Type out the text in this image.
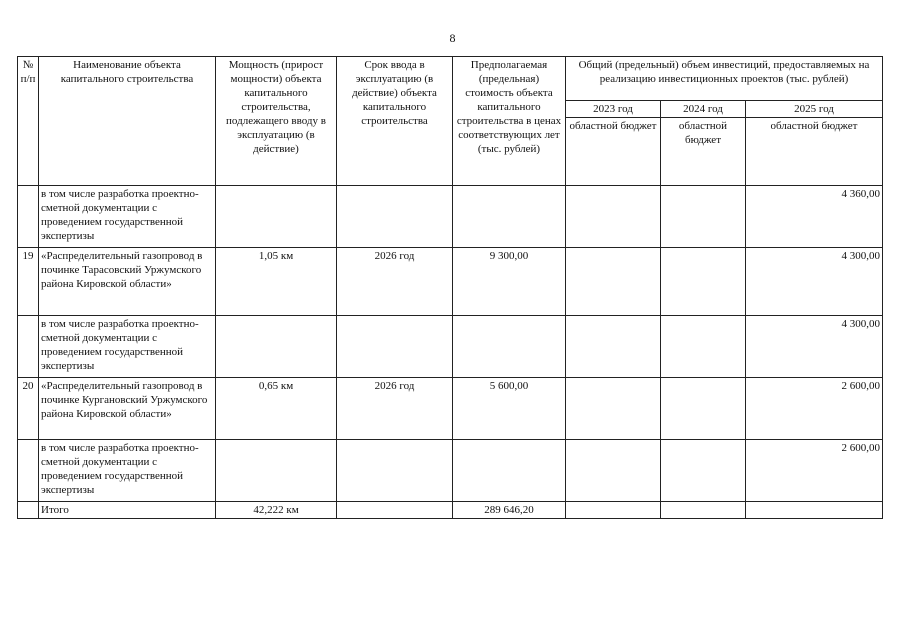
8
№ п/п	Наименование объекта капитального строительства	Мощность (прирост мощности) объекта капитального строительства, подлежащего вводу в эксплуатацию (в действие)	Срок ввода в эксплуатацию (в действие) объекта капитального строительства	Предполагаемая (предельная) стоимость объекта капитального строительства в ценах соответствующих лет (тыс. рублей)	Общий (предельный) объем инвестиций, предоставляемых на реализацию инвестиционных проектов (тыс. рублей)		
					2023 год	2024 год	2025 год
					областной бюджет	областной бюджет	областной бюджет
	в том числе разработка проектно-сметной документации с проведением государственной экспертизы						4 360,00
19	«Распределительный газопровод в починке Тарасовский Уржумского района Кировской области»	1,05 км	2026 год	9 300,00			4 300,00
	в том числе разработка проектно-сметной документации с проведением государственной экспертизы						4 300,00
20	«Распределительный газопровод в починке Кургановский Уржумского района Кировской области»	0,65 км	2026 год	5 600,00			2 600,00
	в том числе разработка проектно-сметной документации с проведением государственной экспертизы						2 600,00
	Итого	42,222 км		289 646,20			
